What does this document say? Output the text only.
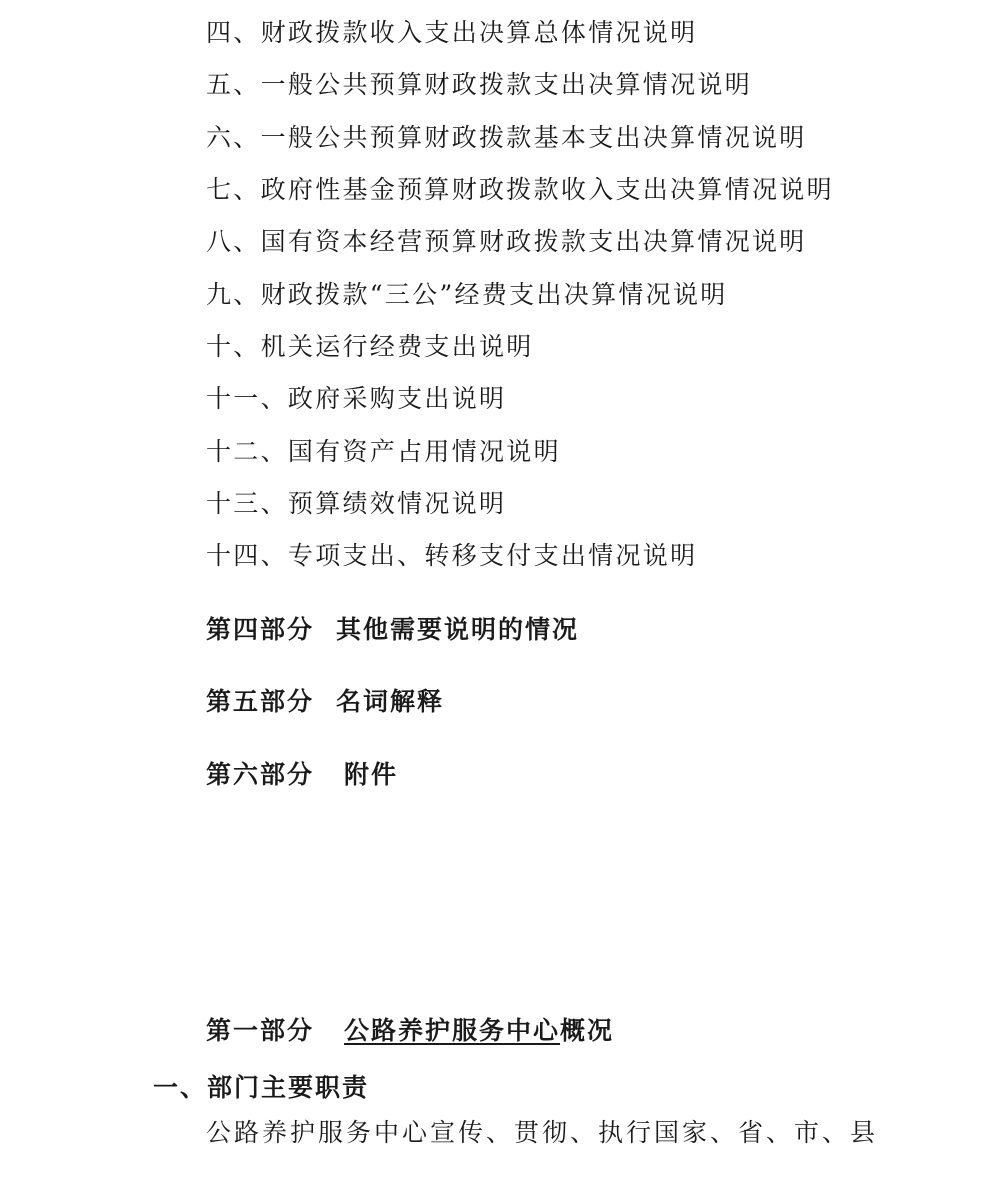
四、财政拨款收入支出决算总体情况说明
五、一般公共预算财政拨款支出决算情况说明
六、一般公共预算财政拨款基本支出决算情况说明
七、政府性基金预算财政拨款收入支出决算情况说明
八、国有资本经营预算财政拨款支出决算情况说明
九、财政拨款“三公”经费支出决算情况说明
十、机关运行经费支出说明
十一、政府采购支出说明
十二、国有资产占用情况说明
十三、预算绩效情况说明
十四、专项支出、转移支付支出情况说明
第四部分 其他需要说明的情况
第五部分 名词解释
第六部分 附件
第一部分 公路养护服务中心概况
一、部门主要职责
公路养护服务中心宣传、贯彻、执行国家、省、市、县
